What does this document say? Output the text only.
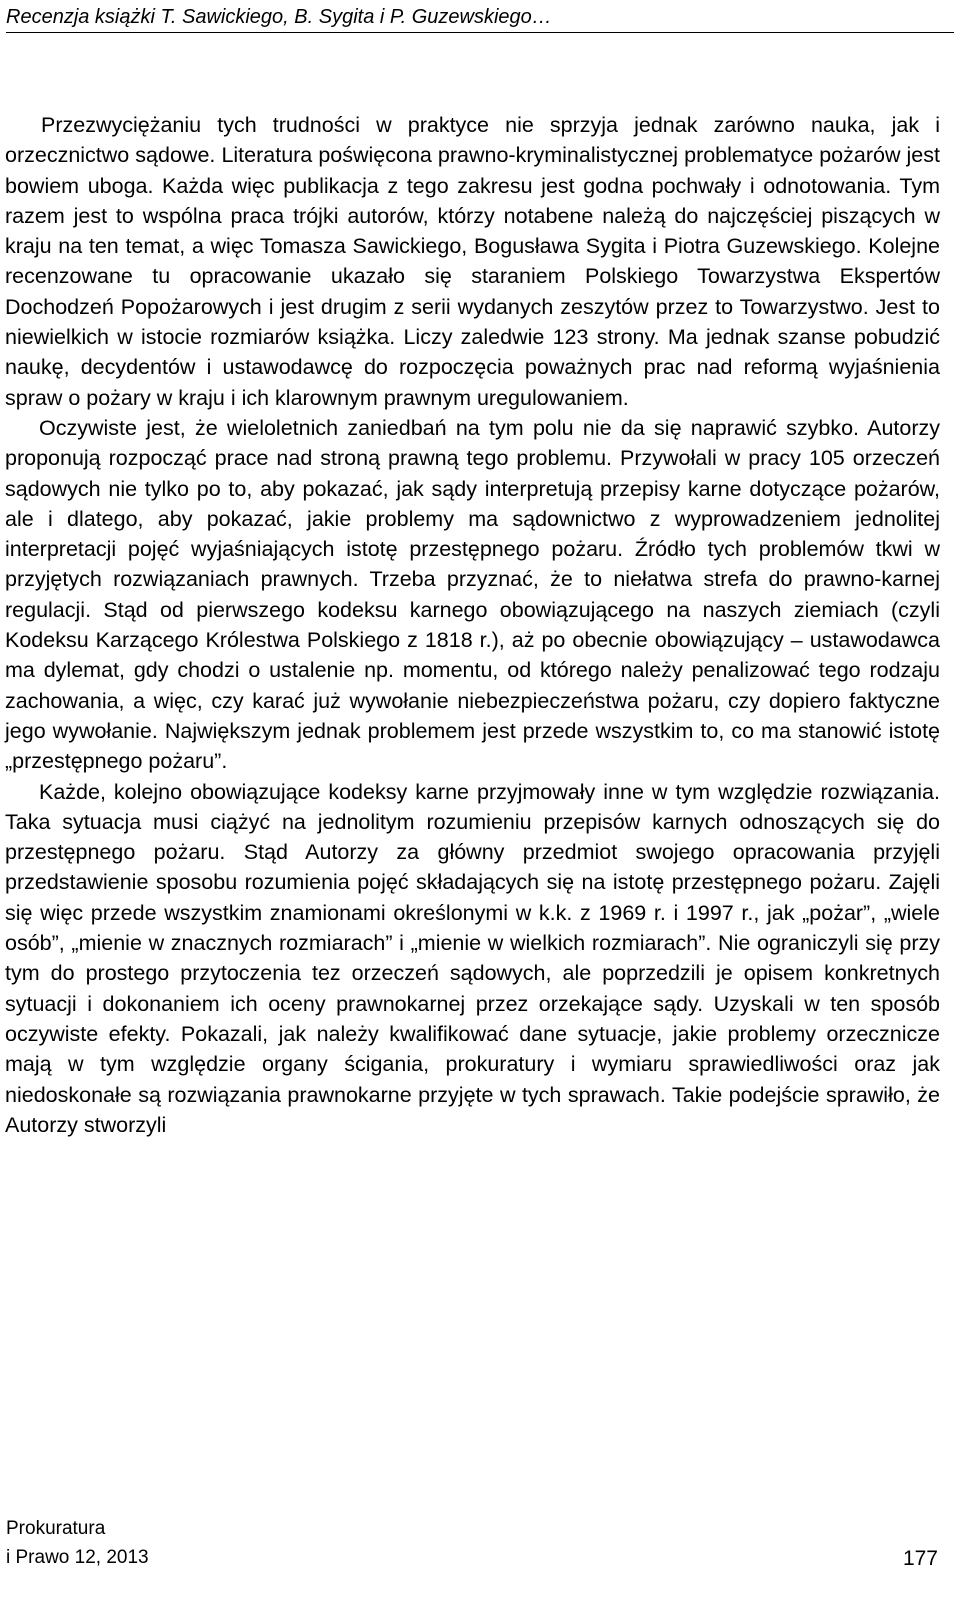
Recenzja książki T. Sawickiego, B. Sygita i P. Guzewskiego…

Przezwyciężaniu tych trudności w praktyce nie sprzyja jednak zarówno nauka, jak i orzecznictwo sądowe. Literatura poświęcona prawno-kryminalistycznej problematyce pożarów jest bowiem uboga. Każda więc publikacja z tego zakresu jest godna pochwały i odnotowania. Tym razem jest to wspólna praca trójki autorów, którzy notabene należą do najczęściej piszących w kraju na ten temat, a więc Tomasza Sawickiego, Bogusława Sygita i Piotra Guzewskiego. Kolejne recenzowane tu opracowanie ukazało się staraniem Polskiego Towarzystwa Ekspertów Dochodzeń Popożarowych i jest drugim z serii wydanych zeszytów przez to Towarzystwo. Jest to niewielkich w istocie rozmiarów książka. Liczy zaledwie 123 strony. Ma jednak szanse pobudzić naukę, decydentów i ustawodawcę do rozpoczęcia poważnych prac nad reformą wyjaśnienia spraw o pożary w kraju i ich klarownym prawnym uregulowaniem.

Oczywiste jest, że wieloletnich zaniedbań na tym polu nie da się naprawić szybko. Autorzy proponują rozpocząć prace nad stroną prawną tego problemu. Przywołali w pracy 105 orzeczeń sądowych nie tylko po to, aby pokazać, jak sądy interpretują przepisy karne dotyczące pożarów, ale i dlatego, aby pokazać, jakie problemy ma sądownictwo z wyprowadzeniem jednolitej interpretacji pojęć wyjaśniających istotę przestępnego pożaru. Źródło tych problemów tkwi w przyjętych rozwiązaniach prawnych. Trzeba przyznać, że to niełatwa strefa do prawno-karnej regulacji. Stąd od pierwszego kodeksu karnego obowiązującego na naszych ziemiach (czyli Kodeksu Karzącego Królestwa Polskiego z 1818 r.), aż po obecnie obowiązujący – ustawodawca ma dylemat, gdy chodzi o ustalenie np. momentu, od którego należy penalizować tego rodzaju zachowania, a więc, czy karać już wywołanie niebezpieczeństwa pożaru, czy dopiero faktyczne jego wywołanie. Największym jednak problemem jest przede wszystkim to, co ma stanowić istotę „przestępnego pożaru”.

Każde, kolejno obowiązujące kodeksy karne przyjmowały inne w tym względzie rozwiązania. Taka sytuacja musi ciążyć na jednolitym rozumieniu przepisów karnych odnoszących się do przestępnego pożaru. Stąd Autorzy za główny przedmiot swojego opracowania przyjęli przedstawienie sposobu rozumienia pojęć składających się na istotę przestępnego pożaru. Zajęli się więc przede wszystkim znamionami określonymi w k.k. z 1969 r. i 1997 r., jak „pożar”, „wiele osób”, „mienie w znacznych rozmiarach” i „mienie w wielkich rozmiarach”. Nie ograniczyli się przy tym do prostego przytoczenia tez orzeczeń sądowych, ale poprzedzili je opisem konkretnych sytuacji i dokonaniem ich oceny prawnokarnej przez orzekające sądy. Uzyskali w ten sposób oczywiste efekty. Pokazali, jak należy kwalifikować dane sytuacje, jakie problemy orzecznicze mają w tym względzie organy ścigania, prokuratury i wymiaru sprawiedliwości oraz jak niedoskonałe są rozwiązania prawnokarne przyjęte w tych sprawach. Takie podejście sprawiło, że Autorzy stworzyli

Prokuratura
i Prawo 12, 2013	177
